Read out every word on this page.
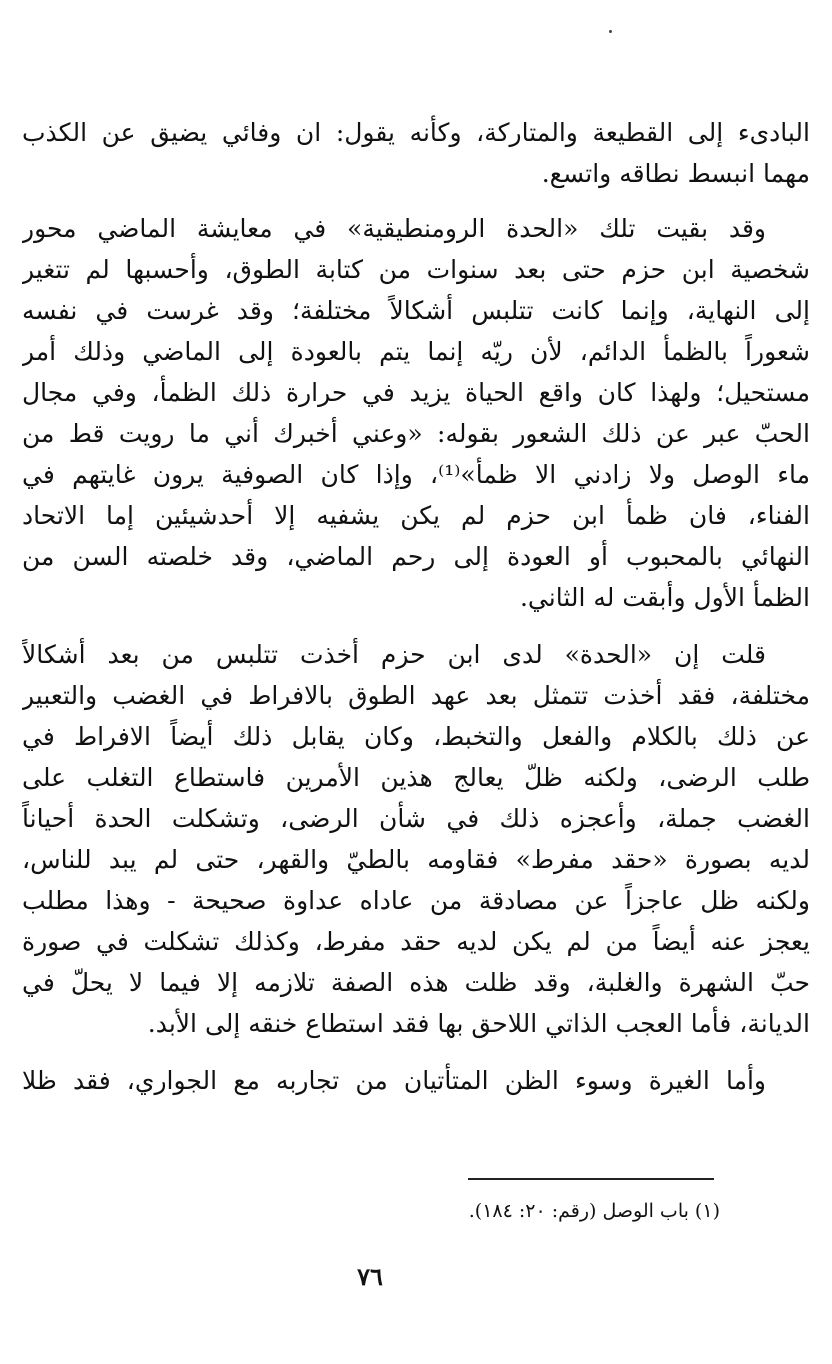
البادىء إلى القطيعة والمتاركة، وكأنه يقول: ان وفائي يضيق عن الكذب
مهما انبسط نطاقه واتسع.
وقد بقيت تلك «الحدة الرومنطيقية» في معايشة الماضي محور
شخصية ابن حزم حتى بعد سنوات من كتابة الطوق، وأحسبها لم تتغير
إلى النهاية، وإنما كانت تتلبس أشكالاً مختلفة؛ وقد غرست في نفسه
شعوراً بالظمأ الدائم، لأن ريّه إنما يتم بالعودة إلى الماضي وذلك أمر
مستحيل؛ ولهذا كان واقع الحياة يزيد في حرارة ذلك الظمأ، وفي مجال
الحبّ عبر عن ذلك الشعور بقوله: «وعني أخبرك أني ما رويت قط من
ماء الوصل ولا زادني الا ظمأ»⁽¹⁾، وإذا كان الصوفية يرون غايتهم في
الفناء، فان ظمأ ابن حزم لم يكن يشفيه إلا أحدشيئين إما الاتحاد
النهائي بالمحبوب أو العودة إلى رحم الماضي، وقد خلصته السن من
الظمأ الأول وأبقت له الثاني.
قلت إن «الحدة» لدى ابن حزم أخذت تتلبس من بعد أشكالاً
مختلفة، فقد أخذت تتمثل بعد عهد الطوق بالافراط في الغضب والتعبير
عن ذلك بالكلام والفعل والتخبط، وكان يقابل ذلك أيضاً الافراط في
طلب الرضى، ولكنه ظلّ يعالج هذين الأمرين فاستطاع التغلب على
الغضب جملة، وأعجزه ذلك في شأن الرضى، وتشكلت الحدة أحياناً
لديه بصورة «حقد مفرط» فقاومه بالطيّ والقهر، حتى لم يبد للناس،
ولكنه ظل عاجزاً عن مصادقة من عاداه عداوة صحيحة - وهذا مطلب
يعجز عنه أيضاً من لم يكن لديه حقد مفرط، وكذلك تشكلت في صورة
حبّ الشهرة والغلبة، وقد ظلت هذه الصفة تلازمه إلا فيما لا يحلّ في
الديانة، فأما العجب الذاتي اللاحق بها فقد استطاع خنقه إلى الأبد.
وأما الغيرة وسوء الظن المتأتيان من تجاربه مع الجواري، فقد ظلا
(١) باب الوصل (رقم: ٢٠: ١٨٤).
٧٦
